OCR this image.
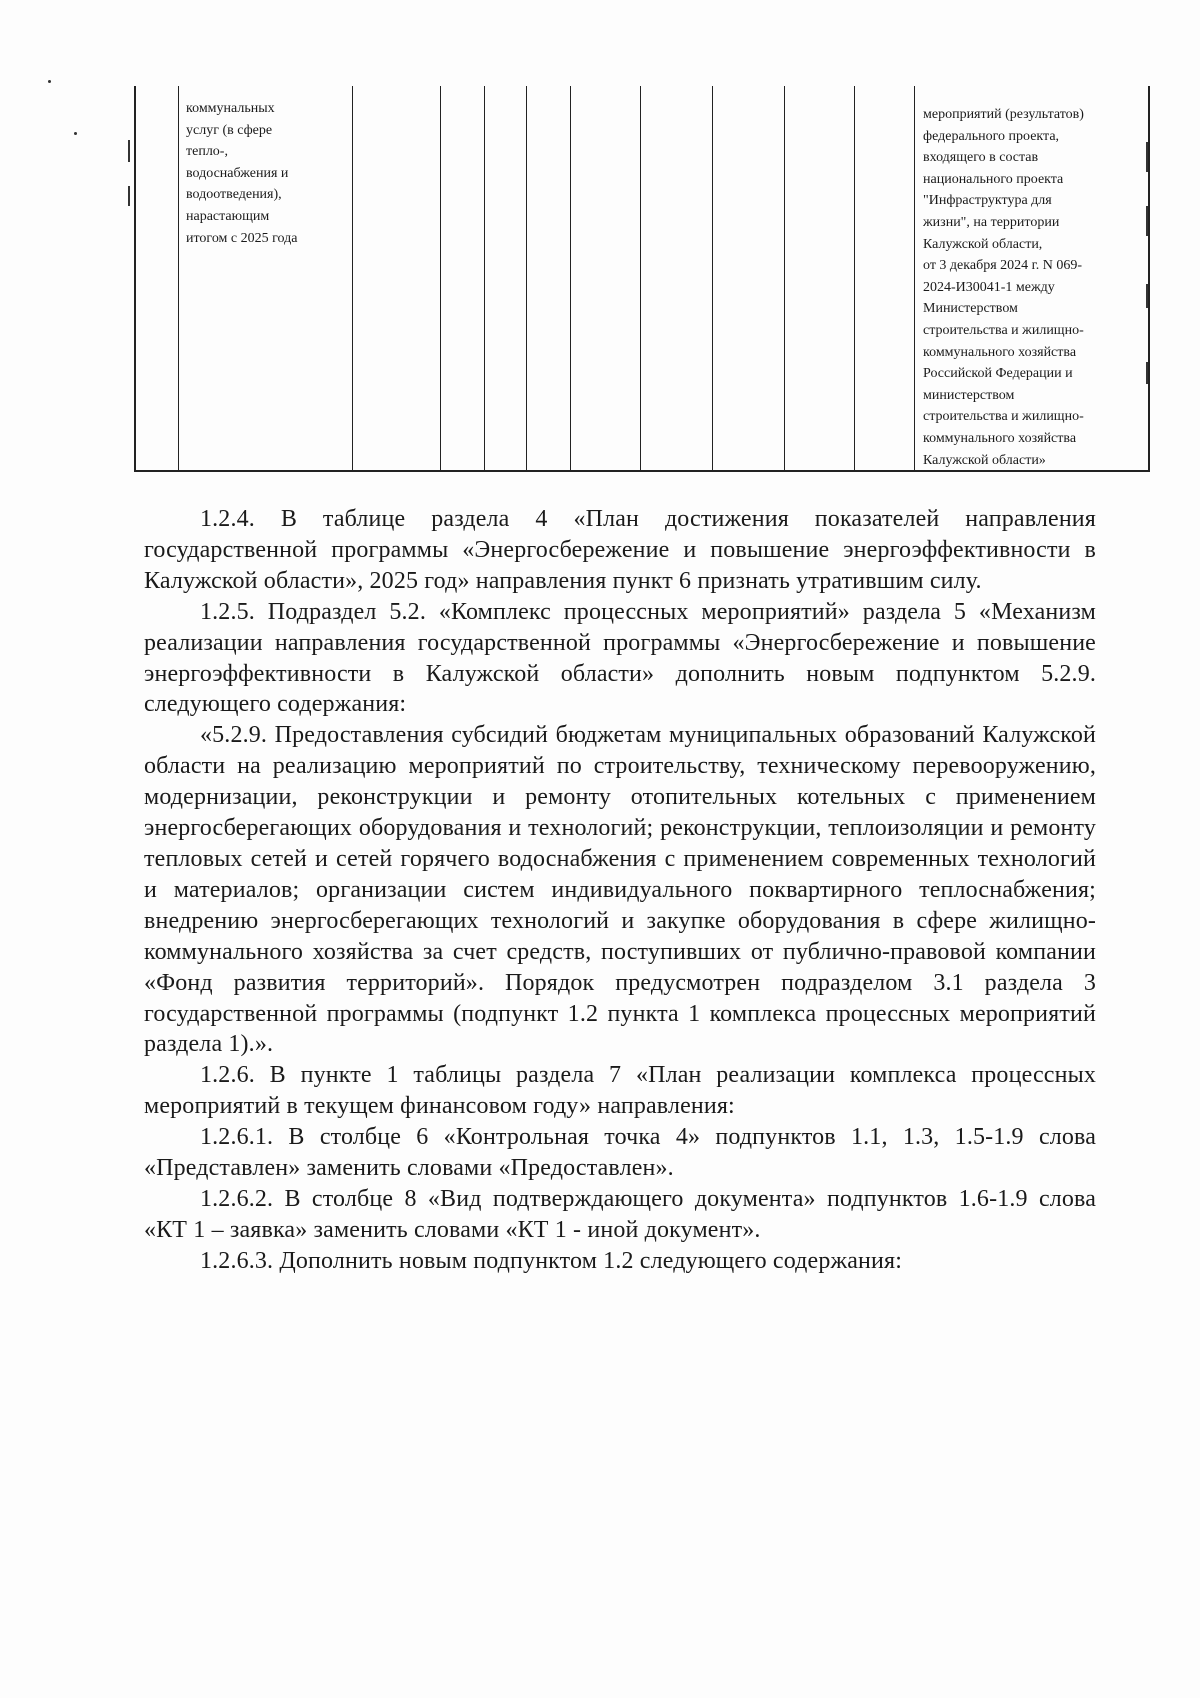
коммунальных
услуг (в сфере
тепло-,
водоснабжения и
водоотведения),
нарастающим
итогом с 2025 года
мероприятий (результатов)
федерального проекта,
входящего в состав
национального проекта
"Инфраструктура для
жизни", на территории
Калужской области,
от 3 декабря 2024 г. N 069-
2024-И30041-1 между
Министерством
строительства и жилищно-
коммунального хозяйства
Российской Федерации и
министерством
строительства и жилищно-
коммунального хозяйства
Калужской области»

1.2.4. В таблице раздела 4 «План достижения показателей направления государственной программы «Энергосбережение и повышение энергоэффективности в Калужской области», 2025 год» направления пункт 6 признать утратившим силу.

1.2.5. Подраздел 5.2. «Комплекс процессных мероприятий» раздела 5 «Механизм реализации направления государственной программы «Энергосбережение и повышение энергоэффективности в Калужской области» дополнить новым подпунктом 5.2.9. следующего содержания:

«5.2.9. Предоставления субсидий бюджетам муниципальных образований Калужской области на реализацию мероприятий по строительству, техническому перевооружению, модернизации, реконструкции и ремонту отопительных котельных с применением энергосберегающих оборудования и технологий; реконструкции, теплоизоляции и ремонту тепловых сетей и сетей горячего водоснабжения с применением современных технологий и материалов; организации систем индивидуального поквартирного теплоснабжения; внедрению энергосберегающих технологий и закупке оборудования в сфере жилищно-коммунального хозяйства за счет средств, поступивших от публично-правовой компании «Фонд развития территорий». Порядок предусмотрен подразделом 3.1 раздела 3 государственной программы (подпункт 1.2 пункта 1 комплекса процессных мероприятий раздела 1).».

1.2.6. В пункте 1 таблицы раздела 7 «План реализации комплекса процессных мероприятий в текущем финансовом году» направления:

1.2.6.1. В столбце 6 «Контрольная точка 4» подпунктов 1.1, 1.3, 1.5-1.9 слова «Представлен» заменить словами «Предоставлен».

1.2.6.2. В столбце 8 «Вид подтверждающего документа» подпунктов 1.6-1.9 слова «КТ 1 – заявка» заменить словами «КТ 1 - иной документ».

1.2.6.3. Дополнить новым подпунктом 1.2 следующего содержания:
